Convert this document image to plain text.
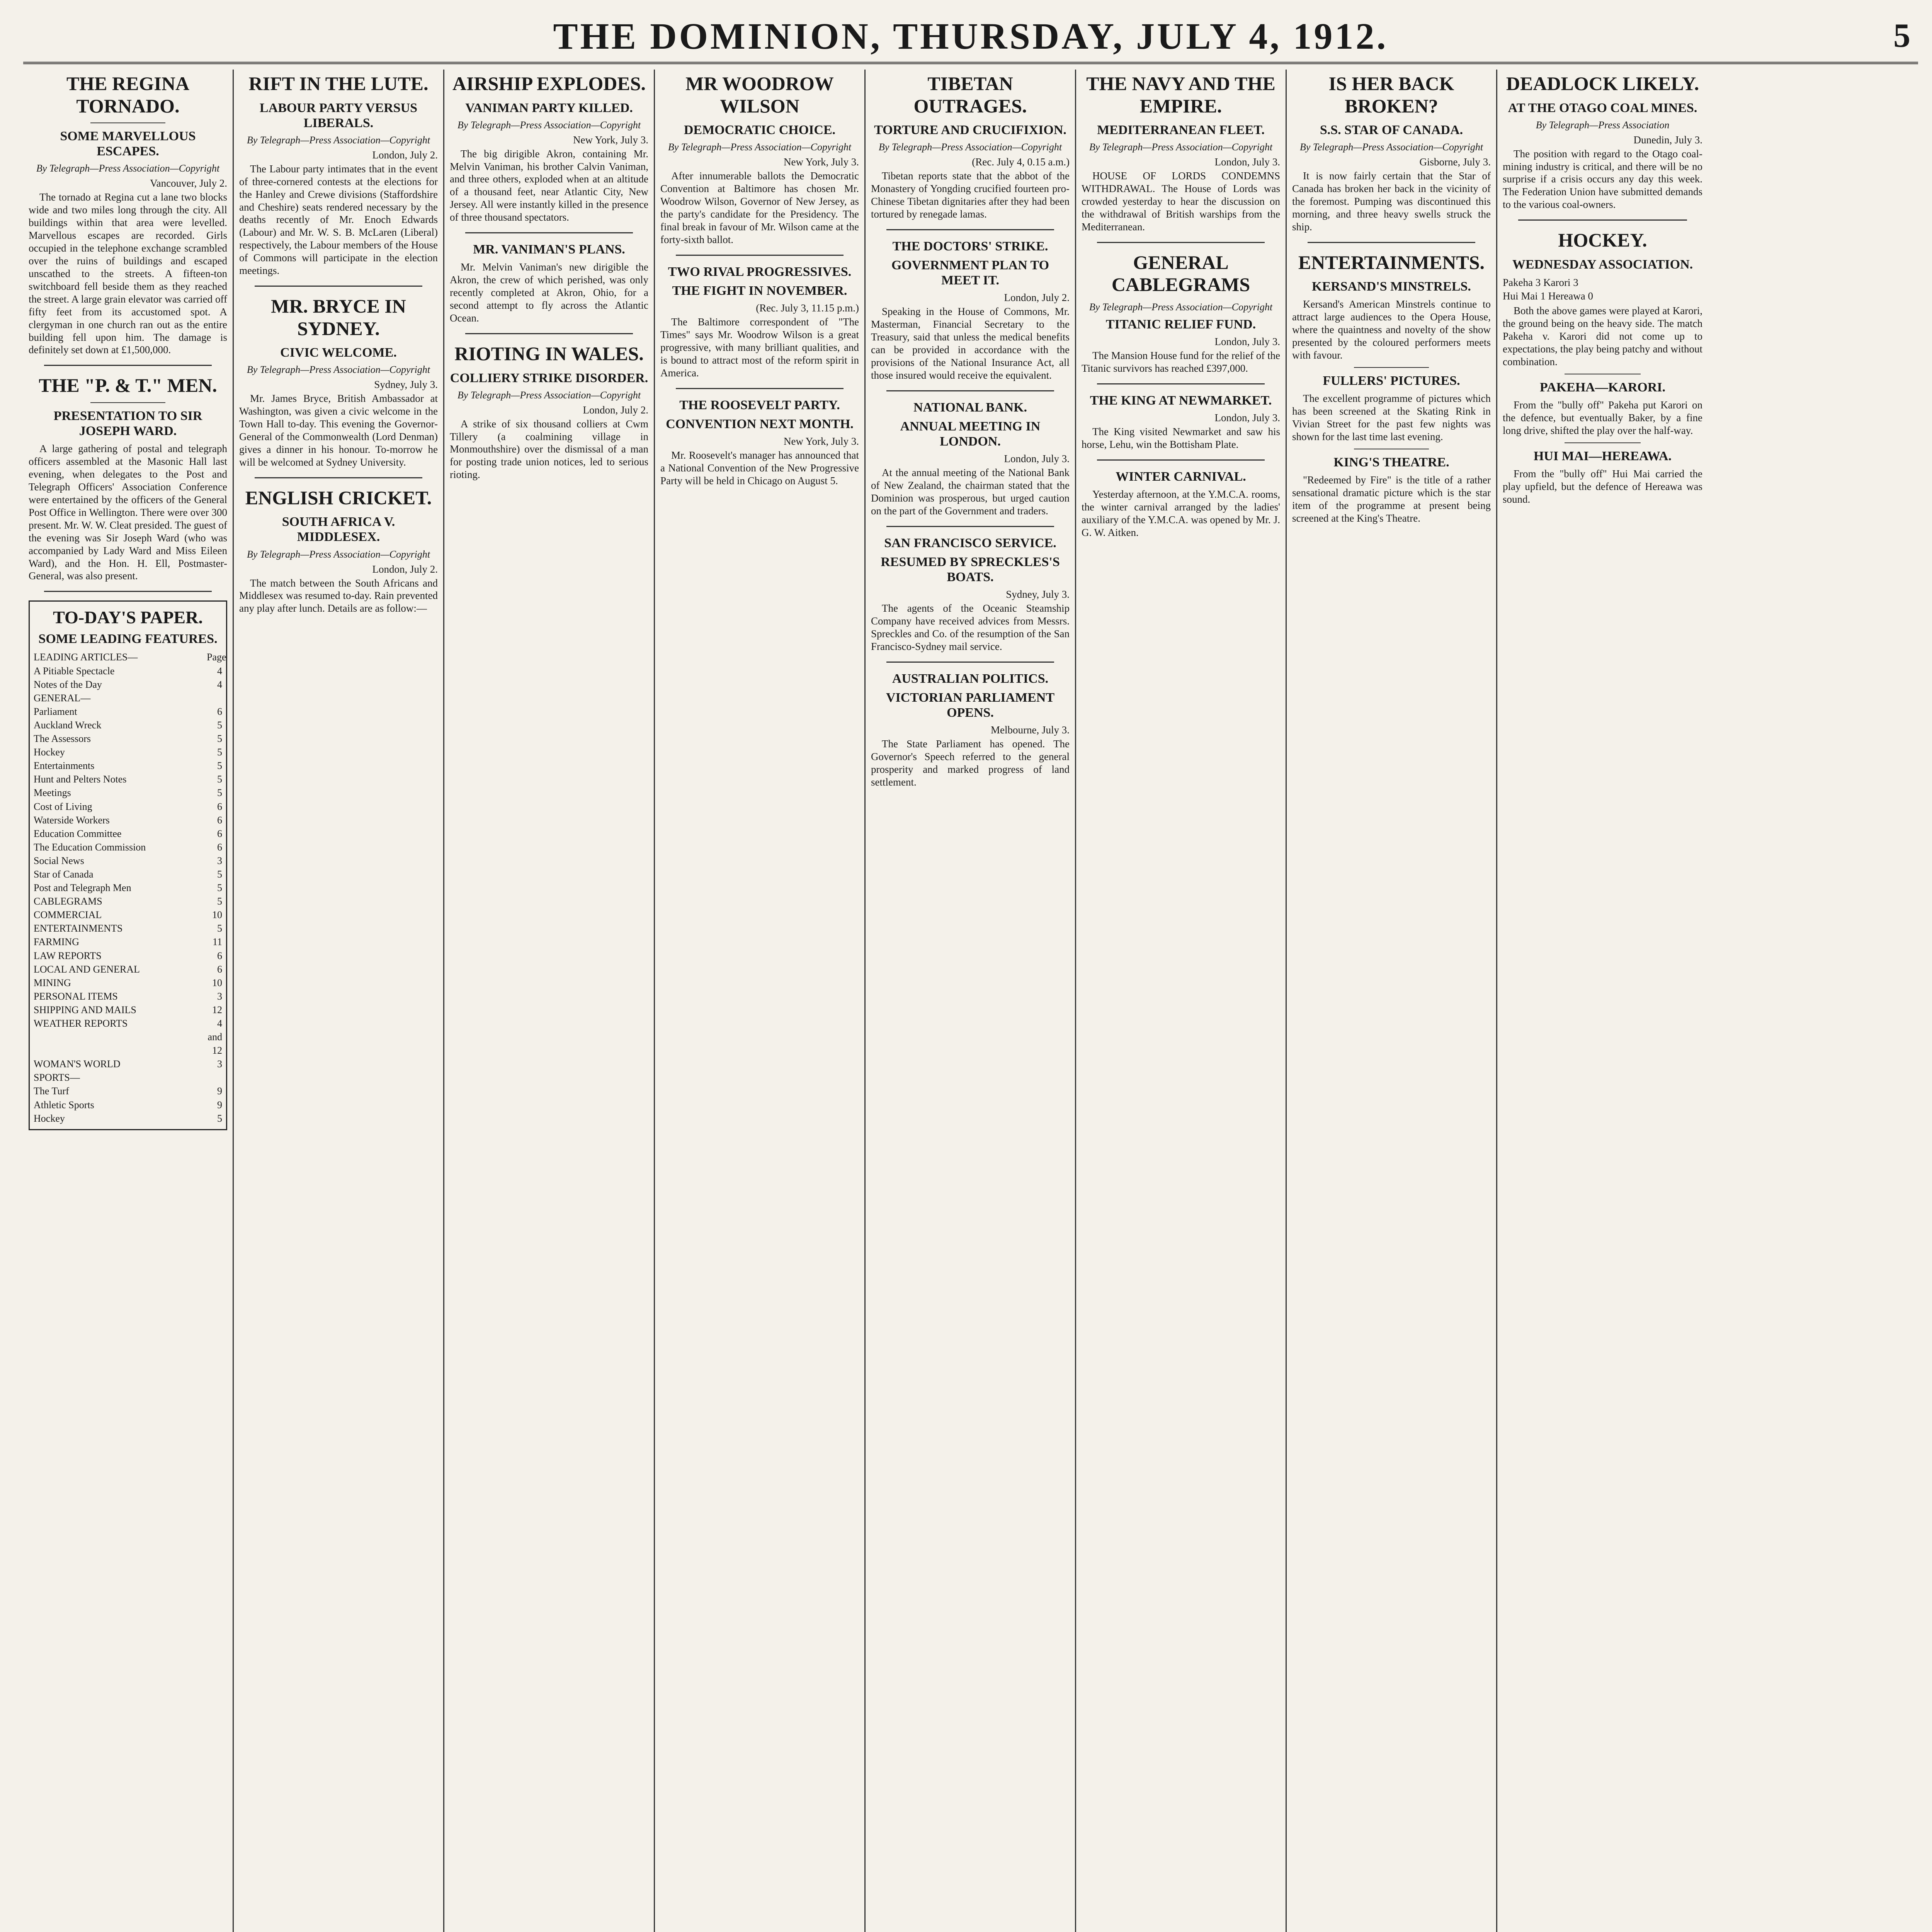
THE DOMINION, THURSDAY, JULY 4, 1912.	5
THE REGINA TORNADO.
SOME MARVELLOUS ESCAPES.
By Telegraph—Press Association—Copyright
Vancouver, July 2.
The tornado at Regina cut a lane two blocks wide and two miles long through the city. All buildings within that area were levelled. Marvellous escapes are recorded. Girls occupied in the telephone exchange scrambled over the ruins of buildings and escaped unscathed to the streets. A fifteen-ton switchboard fell beside them as they reached the street. A large grain elevator was carried off fifty feet from its accustomed spot. A clergyman in one church ran out as the entire building fell upon him. The damage is definitely set down at £1,500,000.
THE "P. & T." MEN.
PRESENTATION TO SIR JOSEPH WARD.
A large gathering of postal and telegraph officers assembled at the Masonic Hall last evening, when delegates to the Post and Telegraph Officers' Association Conference were entertained by the officers of the General Post Office in Wellington. There were over 300 present. Mr. W. W. Cleat presided. The guest of the evening was Sir Joseph Ward (who was accompanied by Lady Ward and Miss Eileen Ward), and the Hon. H. Ell, Postmaster-General, was also present.
TO-DAY'S PAPER.
SOME LEADING FEATURES.
LEADING ARTICLES—	Page
A Pitiable Spectacle	4
Notes of the Day	4
GENERAL—
Parliament	6
Auckland Wreck	5
The Assessors	5
Hockey	5
Entertainments	5
Hunt and Pelters Notes	5
Meetings	5
Cost of Living	6
Waterside Workers	6
Education Committee	6
The Education Commission	6
Social News	3
Star of Canada	5
Post and Telegraph Men	5
CABLEGRAMS	5
COMMERCIAL	10
ENTERTAINMENTS	5
FARMING	11
LAW REPORTS	6
LOCAL AND GENERAL	6
MINING	10
PERSONAL ITEMS	3
SHIPPING AND MAILS	12
WEATHER REPORTS	4 and 12
WOMAN'S WORLD	3
SPORTS—
The Turf	9
Athletic Sports	9
Hockey	5
RIFT IN THE LUTE.
LABOUR PARTY VERSUS LIBERALS.
By Telegraph—Press Association—Copyright
London, July 2.
The Labour party intimates that in the event of three-cornered contests at the elections for the Hanley and Crewe divisions (Staffordshire and Cheshire) seats rendered necessary by the deaths recently of Mr. Enoch Edwards (Labour) and Mr. W. S. B. McLaren (Liberal) respectively, the Labour members of the House of Commons will participate in the election meetings.
MR. BRYCE IN SYDNEY.
CIVIC WELCOME.
By Telegraph—Press Association—Copyright
Sydney, July 3.
Mr. James Bryce, British Ambassador at Washington, was given a civic welcome in the Town Hall to-day. This evening the Governor-General of the Commonwealth (Lord Denman) gives a dinner in his honour. To-morrow he will be welcomed at Sydney University.
ENGLISH CRICKET.
SOUTH AFRICA V. MIDDLESEX.
By Telegraph—Press Association—Copyright
London, July 2.
The match between the South Africans and Middlesex was resumed to-day. Rain prevented any play after lunch. Details are as follow:—
AIRSHIP EXPLODES.
VANIMAN PARTY KILLED.
By Telegraph—Press Association—Copyright
New York, July 3.
The big dirigible Akron, containing Mr. Melvin Vaniman, his brother Calvin Vaniman, and three others, exploded when at an altitude of a thousand feet, near Atlantic City, New Jersey. All were instantly killed in the presence of three thousand spectators.
MR. VANIMAN'S PLANS.
Mr. Melvin Vaniman's new dirigible the Akron, the crew of which perished, was only recently completed at Akron, Ohio, for a second attempt to fly across the Atlantic Ocean.
RIOTING IN WALES.
COLLIERY STRIKE DISORDER.
By Telegraph—Press Association—Copyright
London, July 2.
A strike of six thousand colliers at Cwm Tillery (a coalmining village in Monmouthshire) over the dismissal of a man for posting trade union notices, led to serious rioting.
MR WOODROW WILSON
DEMOCRATIC CHOICE.
By Telegraph—Press Association—Copyright
New York, July 3.
After innumerable ballots the Democratic Convention at Baltimore has chosen Mr. Woodrow Wilson, Governor of New Jersey, as the party's candidate for the Presidency. The final break in favour of Mr. Wilson came at the forty-sixth ballot.
TWO RIVAL PROGRESSIVES.
THE FIGHT IN NOVEMBER.
(Rec. July 3, 11.15 p.m.)
The Baltimore correspondent of "The Times" says Mr. Woodrow Wilson is a great progressive, with many brilliant qualities, and is bound to attract most of the reform spirit in America.
THE ROOSEVELT PARTY.
CONVENTION NEXT MONTH.
New York, July 3.
Mr. Roosevelt's manager has announced that a National Convention of the New Progressive Party will be held in Chicago on August 5.
TIBETAN OUTRAGES.
TORTURE AND CRUCIFIXION.
By Telegraph—Press Association—Copyright
(Rec. July 4, 0.15 a.m.)
Tibetan reports state that the abbot of the Monastery of Yongding crucified fourteen pro-Chinese Tibetan dignitaries after they had been tortured by renegade lamas.
THE DOCTORS' STRIKE.
GOVERNMENT PLAN TO MEET IT.
London, July 2.
Speaking in the House of Commons, Mr. Masterman, Financial Secretary to the Treasury, said that unless the medical benefits can be provided in accordance with the provisions of the National Insurance Act, all those insured would receive the equivalent.
NATIONAL BANK.
ANNUAL MEETING IN LONDON.
London, July 3.
At the annual meeting of the National Bank of New Zealand, the chairman stated that the Dominion was prosperous, but urged caution on the part of the Government and traders.
SAN FRANCISCO SERVICE.
RESUMED BY SPRECKLES'S BOATS.
Sydney, July 3.
The agents of the Oceanic Steamship Company have received advices from Messrs. Spreckles and Co. of the resumption of the San Francisco-Sydney mail service.
AUSTRALIAN POLITICS.
VICTORIAN PARLIAMENT OPENS.
Melbourne, July 3.
The State Parliament has opened. The Governor's Speech referred to the general prosperity and marked progress of land settlement.
THE NAVY AND THE EMPIRE.
MEDITERRANEAN FLEET.
By Telegraph—Press Association—Copyright
London, July 3.
HOUSE OF LORDS CONDEMNS WITHDRAWAL. The House of Lords was crowded yesterday to hear the discussion on the withdrawal of British warships from the Mediterranean.
GENERAL CABLEGRAMS
By Telegraph—Press Association—Copyright
TITANIC RELIEF FUND.
London, July 3.
The Mansion House fund for the relief of the Titanic survivors has reached £397,000.
THE KING AT NEWMARKET.
London, July 3.
The King visited Newmarket and saw his horse, Lehu, win the Bottisham Plate.
WINTER CARNIVAL.
Yesterday afternoon, at the Y.M.C.A. rooms, the winter carnival arranged by the ladies' auxiliary of the Y.M.C.A. was opened by Mr. J. G. W. Aitken.
IS HER BACK BROKEN?
S.S. STAR OF CANADA.
By Telegraph—Press Association—Copyright
Gisborne, July 3.
It is now fairly certain that the Star of Canada has broken her back in the vicinity of the foremost. Pumping was discontinued this morning, and three heavy swells struck the ship.
ENTERTAINMENTS.
KERSAND'S MINSTRELS.
Kersand's American Minstrels continue to attract large audiences to the Opera House, where the quaintness and novelty of the show presented by the coloured performers meets with favour.
FULLERS' PICTURES.
The excellent programme of pictures which has been screened at the Skating Rink in Vivian Street for the past few nights was shown for the last time last evening.
KING'S THEATRE.
"Redeemed by Fire" is the title of a rather sensational dramatic picture which is the star item of the programme at present being screened at the King's Theatre.
DEADLOCK LIKELY.
AT THE OTAGO COAL MINES.
By Telegraph—Press Association
Dunedin, July 3.
The position with regard to the Otago coal-mining industry is critical, and there will be no surprise if a crisis occurs any day this week. The Federation Union have submitted demands to the various coal-owners.
HOCKEY.
WEDNESDAY ASSOCIATION.
Pakeha 3 Karori 3
Hui Mai 1 Hereawa 0
Both the above games were played at Karori, the ground being on the heavy side. The match Pakeha v. Karori did not come up to expectations, the play being patchy and without combination.
PAKEHA—KARORI.
From the "bully off" Pakeha put Karori on the defence, but eventually Baker, by a fine long drive, shifted the play over the half-way.
HUI MAI—HEREAWA.
From the "bully off" Hui Mai carried the play upfield, but the defence of Hereawa was sound.
